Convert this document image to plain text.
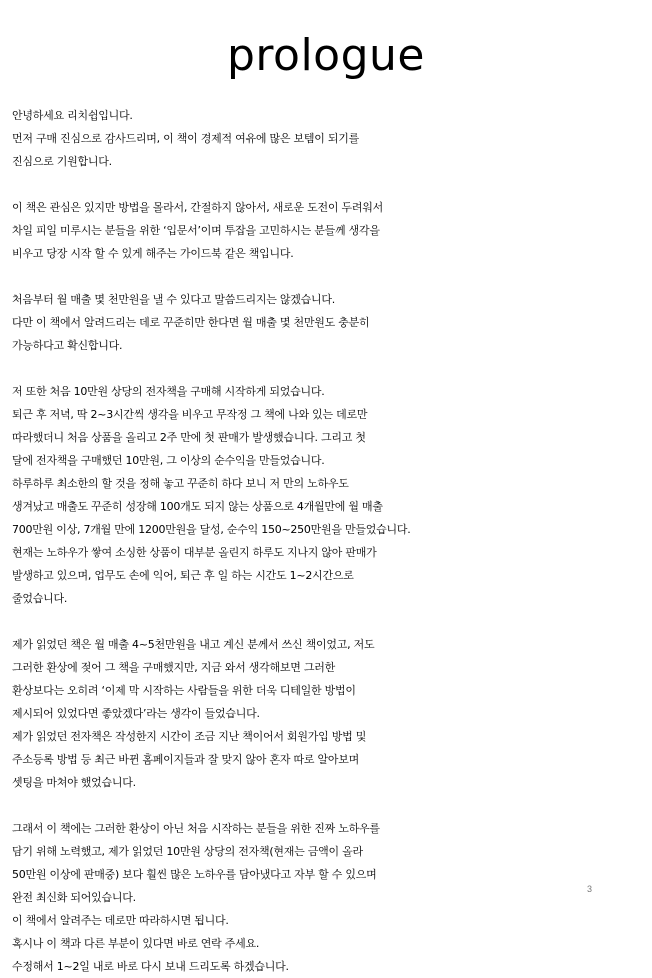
prologue

안녕하세요 리치쉽입니다.
먼저 구매 진심으로 감사드리며, 이 책이 경제적 여유에 많은 보템이 되기를
진심으로 기원합니다.

이 책은 관심은 있지만 방법을 몰라서, 간절하지 않아서, 새로운 도전이 두려워서
차일 피일 미루시는 분들을 위한 ‘입문서’이며 투잡을 고민하시는 분들께 생각을
비우고 당장 시작 할 수 있게 해주는 가이드북 같은 책입니다.

처음부터 월 매출 몇 천만원을 낼 수 있다고 말씀드리지는 않겠습니다.
다만 이 책에서 알려드리는 데로 꾸준히만 한다면 월 매출 몇 천만원도 충분히
가능하다고 확신합니다.

저 또한 처음 10만원 상당의 전자책을 구매해 시작하게 되었습니다.
퇴근 후 저녁, 딱 2~3시간씩 생각을 비우고 무작정 그 책에 나와 있는 데로만
따라했더니 처음 상품을 올리고 2주 만에 첫 판매가 발생했습니다. 그리고 첫
달에 전자책을 구매했던 10만원, 그 이상의 순수익을 만들었습니다.
하루하루 최소한의 할 것을 정해 놓고 꾸준히 하다 보니 저 만의 노하우도
생겨났고 매출도 꾸준히 성장해 100개도 되지 않는 상품으로 4개월만에 월 매출
700만원 이상, 7개월 만에 1200만원을 달성, 순수익 150~250만원을 만들었습니다.
현재는 노하우가 쌓여 소싱한 상품이 대부분 올린지 하루도 지나지 않아 판매가
발생하고 있으며, 업무도 손에 익어, 퇴근 후 일 하는 시간도 1~2시간으로
줄었습니다.

제가 읽었던 책은 월 매출 4~5천만원을 내고 계신 분께서 쓰신 책이었고, 저도
그러한 환상에 젖어 그 책을 구매했지만, 지금 와서 생각해보면 그러한
환상보다는 오히려 ‘이제 막 시작하는 사람들을 위한 더욱 디테일한 방법이
제시되어 있었다면 좋았겠다’라는 생각이 들었습니다.
제가 읽었던 전자책은 작성한지 시간이 조금 지난 책이어서 회원가입 방법 및
주소등록 방법 등 최근 바뀐 홈페이지들과 잘 맞지 않아 혼자 따로 알아보며
셋팅을 마쳐야 했었습니다.

그래서 이 책에는 그러한 환상이 아닌 처음 시작하는 분들을 위한 진짜 노하우를
담기 위해 노력했고, 제가 읽었던 10만원 상당의 전자책(현재는 금액이 올라
50만원 이상에 판매중) 보다 훨씬 많은 노하우를 담아냈다고 자부 할 수 있으며
완전 최신화 되어있습니다.
이 책에서 알려주는 데로만 따라하시면 됩니다.
혹시나 이 책과 다른 부분이 있다면 바로 연락 주세요.
수정해서 1~2일 내로 바로 다시 보내 드리도록 하겠습니다.

3
